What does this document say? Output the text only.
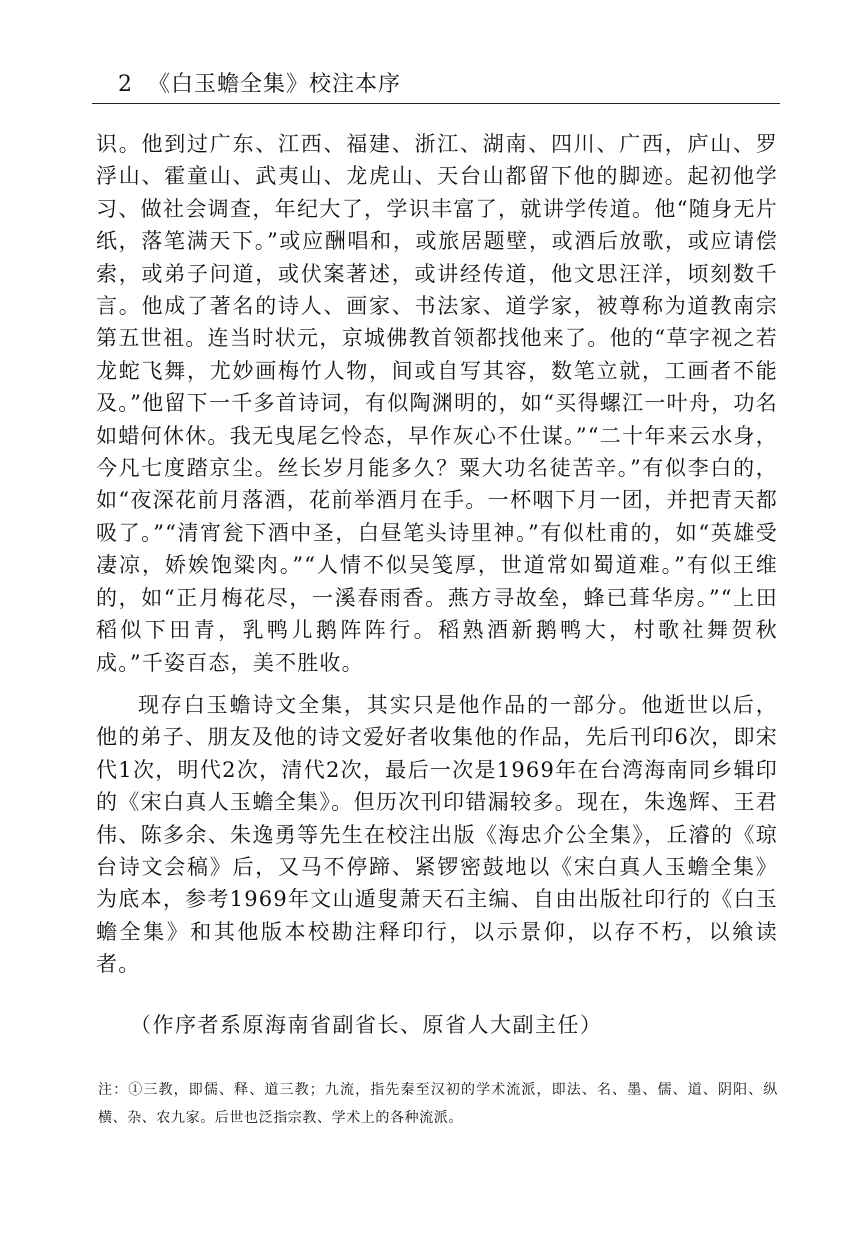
2 《白玉蟾全集》校注本序
识。他到过广东、江西、福建、浙江、湖南、四川、广西，庐山、罗浮山、霍童山、武夷山、龙虎山、天台山都留下他的脚迹。起初他学习、做社会调查，年纪大了，学识丰富了，就讲学传道。他“随身无片纸，落笔满天下。”或应酬唱和，或旅居题壁，或酒后放歌，或应请偿索，或弟子问道，或伏案著述，或讲经传道，他文思汪洋，顷刻数千言。他成了著名的诗人、画家、书法家、道学家，被尊称为道教南宗第五世祖。连当时状元，京城佛教首领都找他来了。他的“草字视之若龙蛇飞舞，尤妙画梅竹人物，间或自写其容，数笔立就，工画者不能及。”他留下一千多首诗词，有似陶渊明的，如“买得螺江一叶舟，功名如蜡何休休。我无曳尾乞怜态，早作灰心不仕谋。”“二十年来云水身，今凡七度踏京尘。丝长岁月能多久？粟大功名徒苦辛。”有似李白的，如“夜深花前月落酒，花前举酒月在手。一杯咽下月一团，并把青天都吸了。”“清宵瓮下酒中圣，白昼笔头诗里神。”有似杜甫的，如“英雄受凄凉，娇娭饱粱肉。”“人情不似吴笺厚，世道常如蜀道难。”有似王维的，如“正月梅花尽，一溪春雨香。燕方寻故垒，蜂已葺华房。”“上田稻似下田青，乳鸭儿鹅阵阵行。稻熟酒新鹅鸭大，村歌社舞贺秋成。”千姿百态，美不胜收。
现存白玉蟾诗文全集，其实只是他作品的一部分。他逝世以后，他的弟子、朋友及他的诗文爱好者收集他的作品，先后刊印6次，即宋代1次，明代2次，清代2次，最后一次是1969年在台湾海南同乡辑印的《宋白真人玉蟾全集》。但历次刊印错漏较多。现在，朱逸辉、王君伟、陈多余、朱逸勇等先生在校注出版《海忠介公全集》，丘濬的《琼台诗文会稿》后，又马不停蹄、紧锣密鼓地以《宋白真人玉蟾全集》为底本，参考1969年文山遁叟萧天石主编、自由出版社印行的《白玉蟾全集》和其他版本校勘注释印行，以示景仰，以存不朽，以飨读者。
（作序者系原海南省副省长、原省人大副主任）
注：①三教，即儒、释、道三教；九流，指先秦至汉初的学术流派，即法、名、墨、儒、道、阴阳、纵横、杂、农九家。后世也泛指宗教、学术上的各种流派。
